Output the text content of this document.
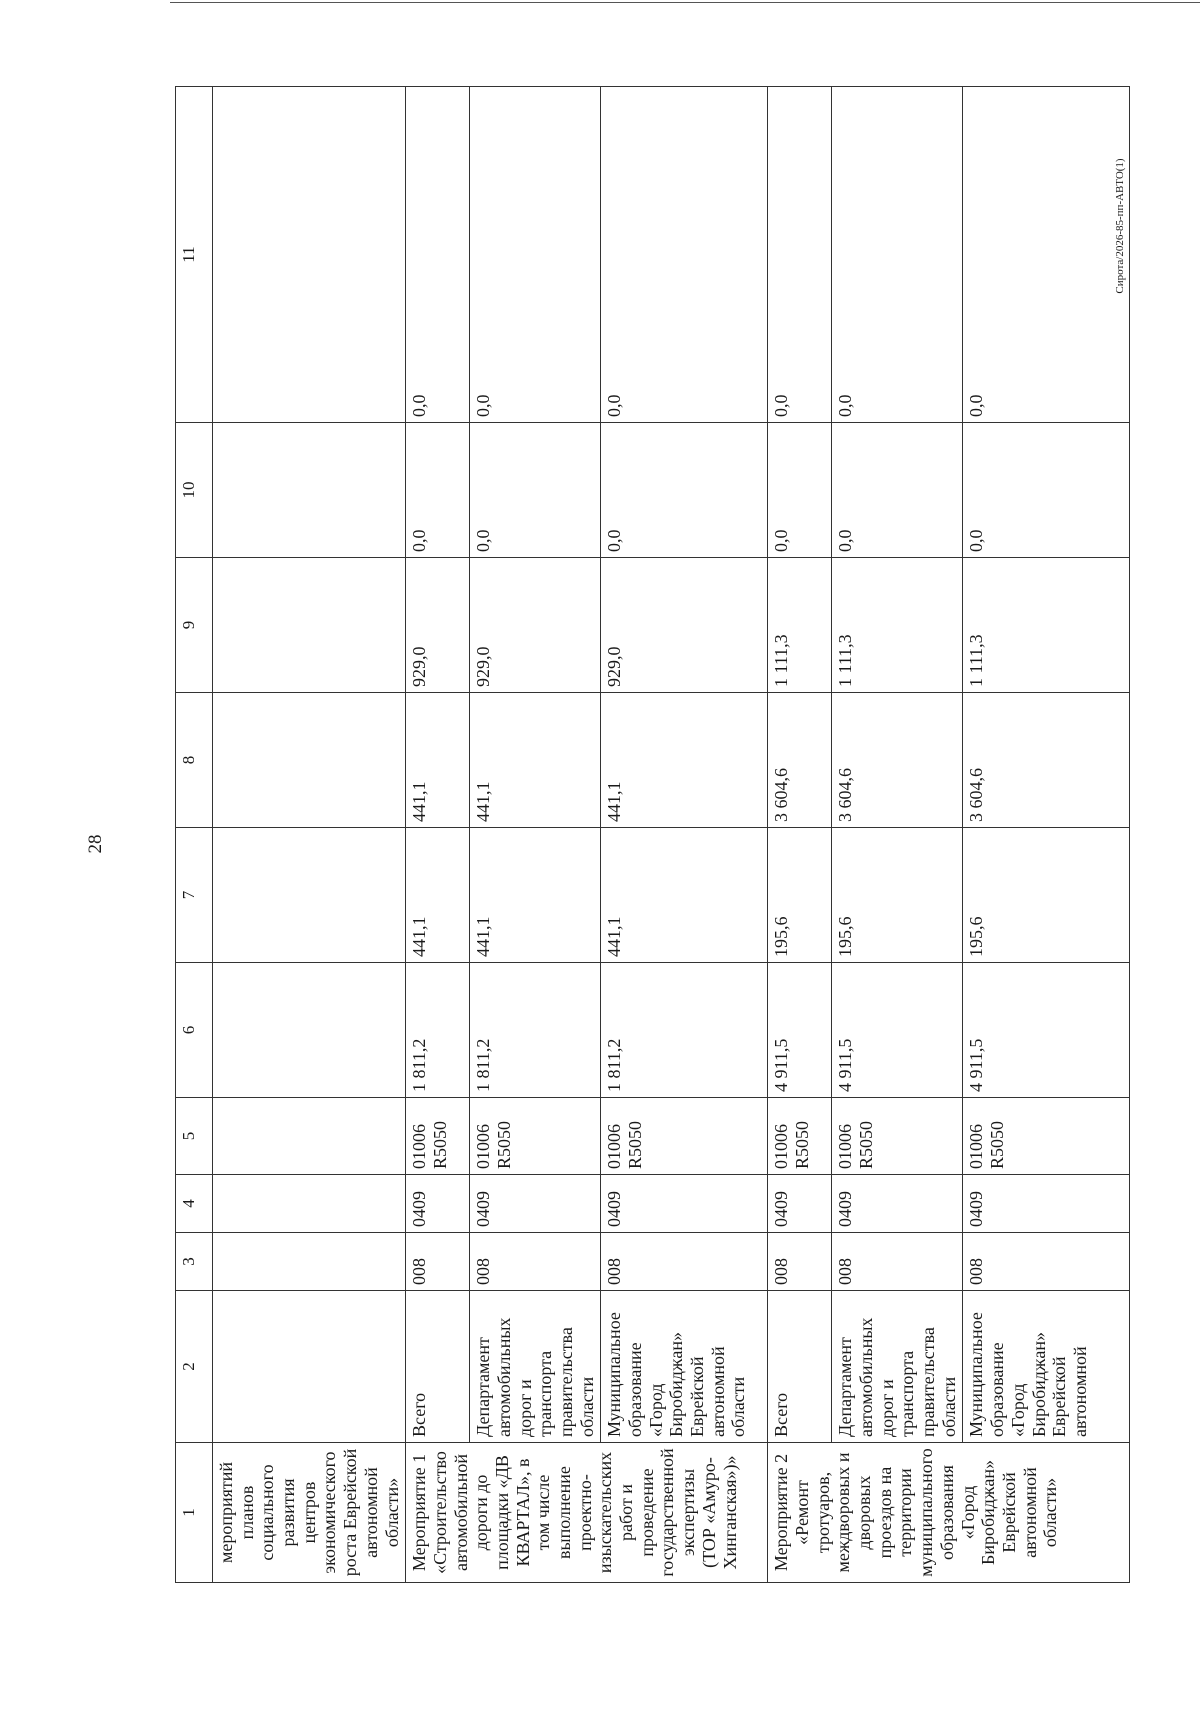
28
Сирота/2026-85-пп-АВТО(1)
1	2	3	4	5	6	7	8	9	10	11
мероприятий планов социального развития центров экономического роста Еврейской автономной области»										
Мероприятие 1 «Строительство автомобильной дороги до площадки «ДВ КВАРТАЛ», в том числе выполнение проектно-изыскательских работ и проведение государственной экспертизы (ТОР «Амуро-Хинганская»)»	Всего	008	0409	01006 R5050	1 811,2	441,1	441,1	929,0	0,0	0,0
	Департамент автомобильных дорог и транспорта правительства области	008	0409	01006 R5050	1 811,2	441,1	441,1	929,0	0,0	0,0
	Муниципальное образование «Город Биробиджан» Еврейской автономной области	008	0409	01006 R5050	1 811,2	441,1	441,1	929,0	0,0	0,0
Мероприятие 2 «Ремонт тротуаров, междворовых и дворовых проездов на территории муниципального образования «Город Биробиджан» Еврейской автономной области»	Всего	008	0409	01006 R5050	4 911,5	195,6	3 604,6	1 111,3	0,0	0,0
	Департамент автомобильных дорог и транспорта правительства области	008	0409	01006 R5050	4 911,5	195,6	3 604,6	1 111,3	0,0	0,0
	Муниципальное образование «Город Биробиджан» Еврейской автономной	008	0409	01006 R5050	4 911,5	195,6	3 604,6	1 111,3	0,0	0,0
